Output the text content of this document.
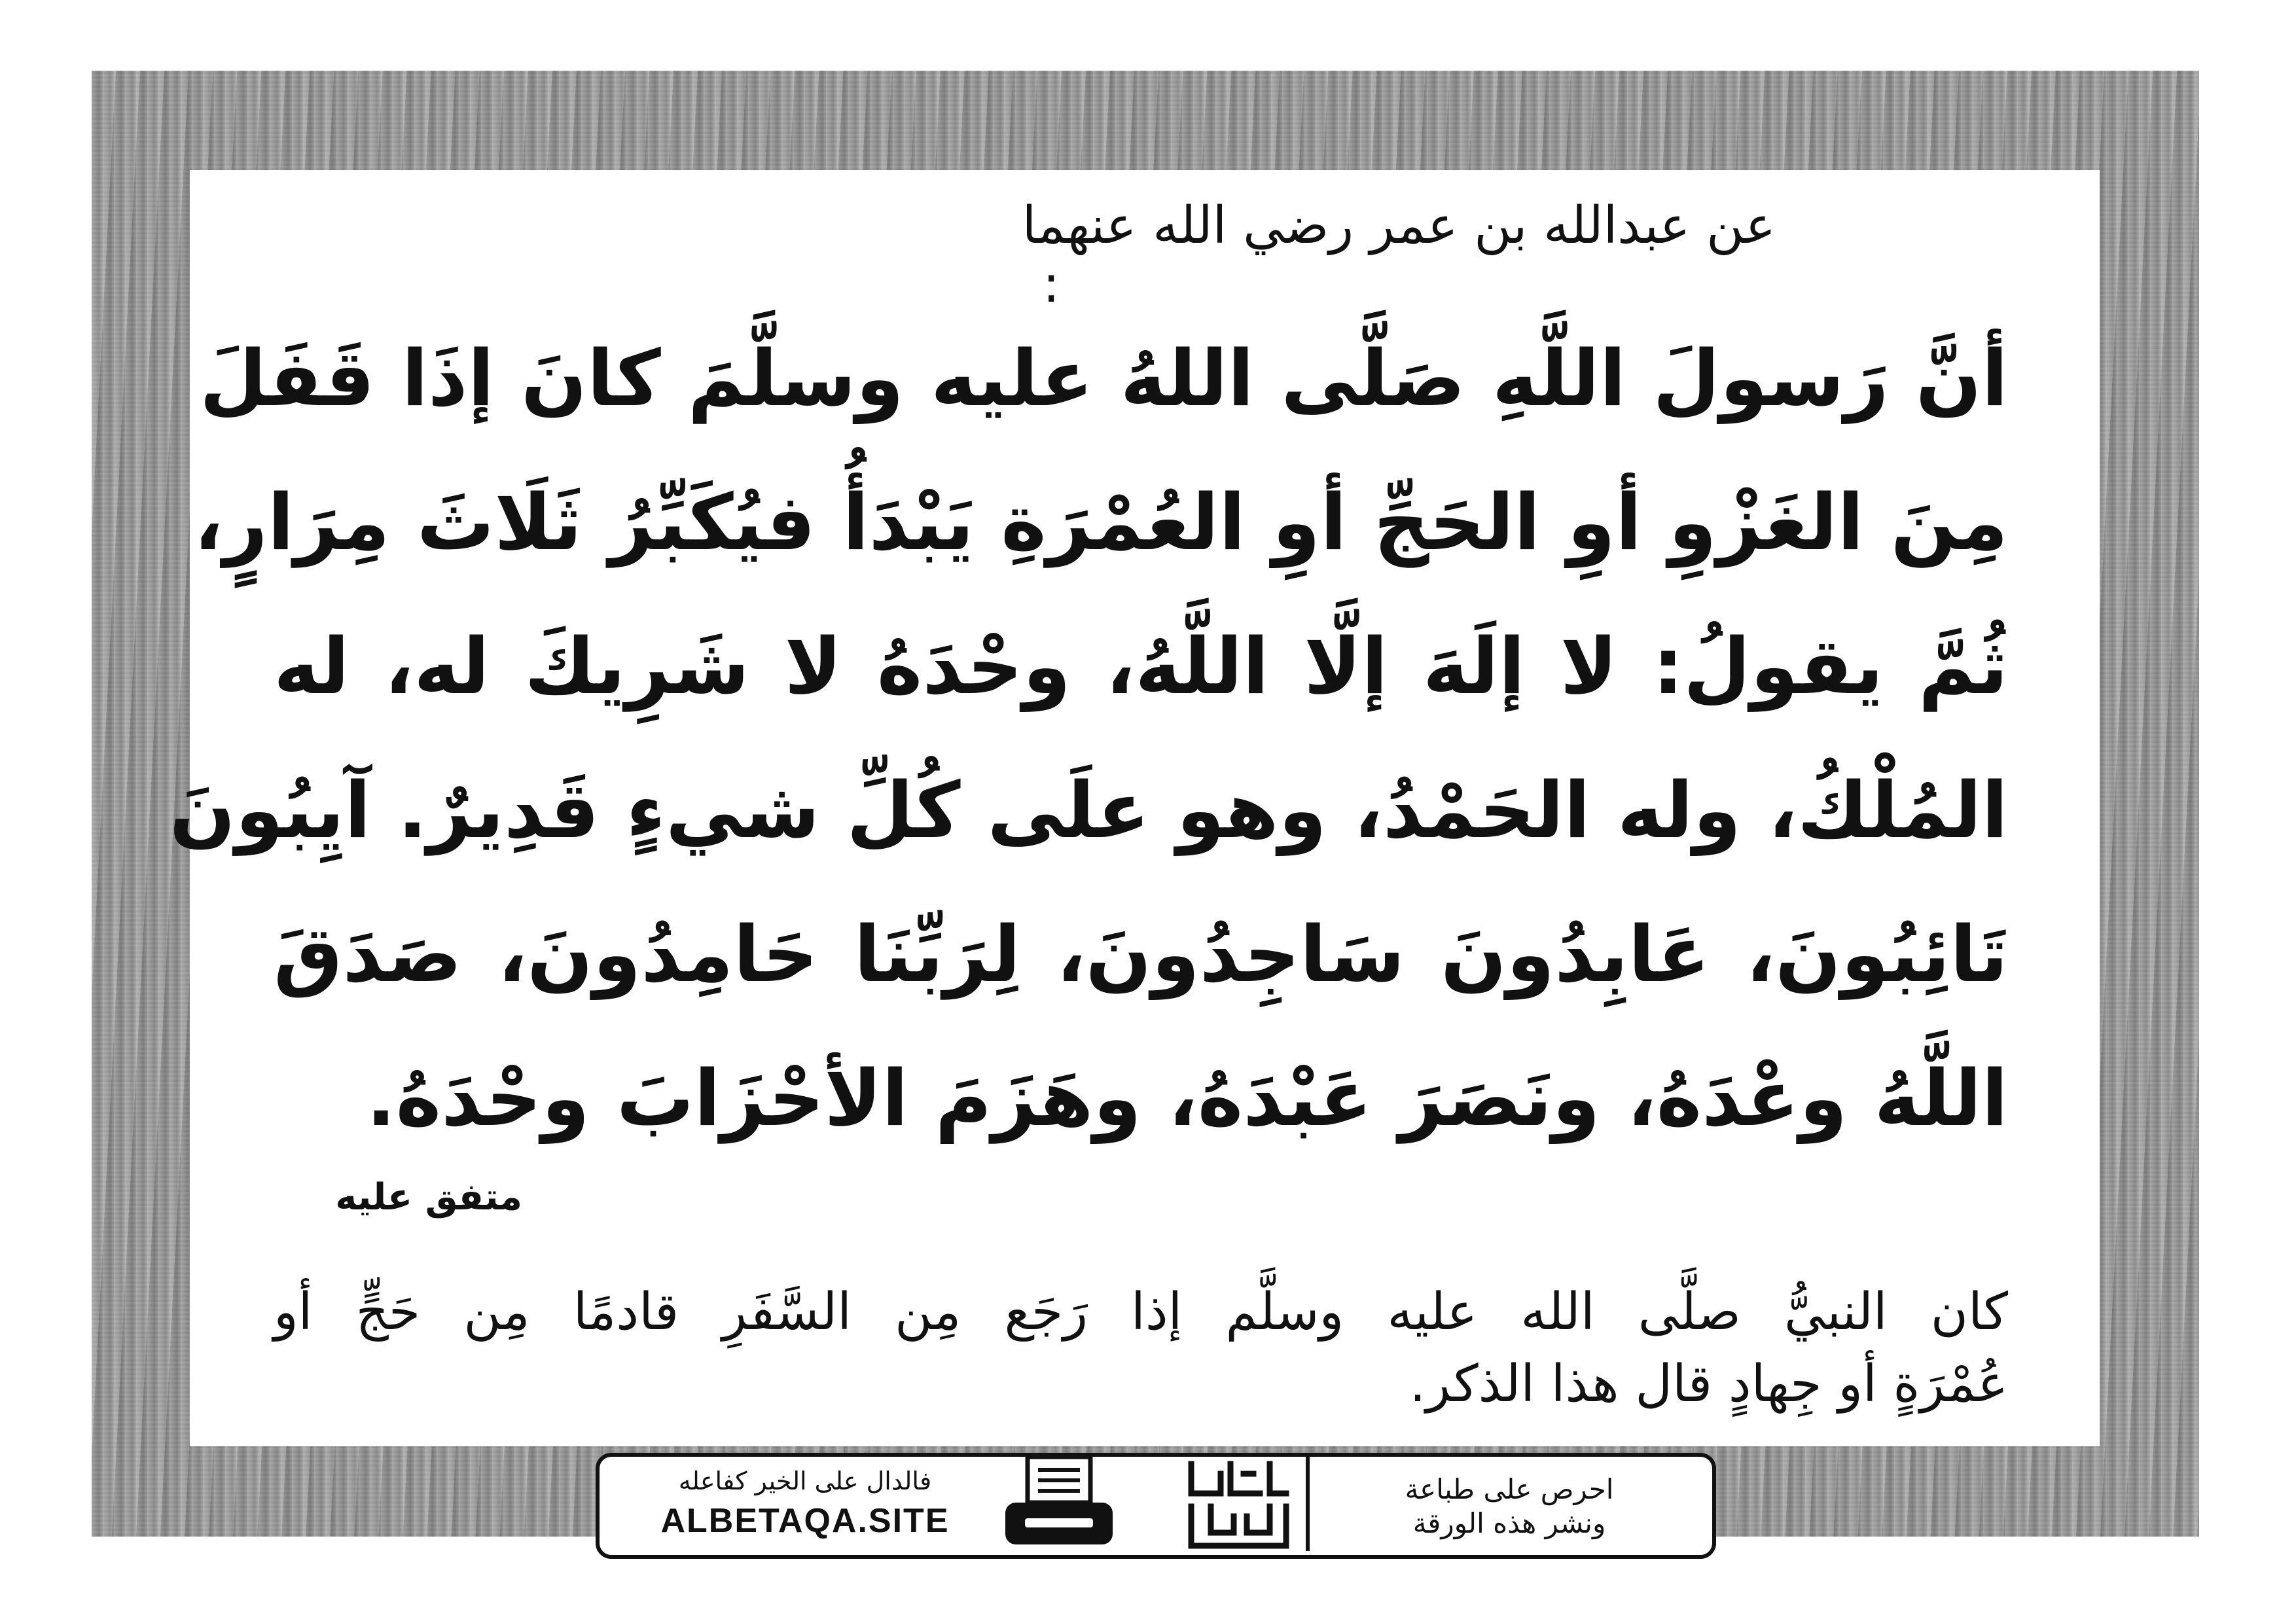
عن عبدالله بن عمر رضي الله عنهما
:
أنَّ رَسولَ اللَّهِ صَلَّى اللهُ عليه وسلَّمَ كانَ إذَا قَفَلَ
مِنَ الغَزْوِ أوِ الحَجِّ أوِ العُمْرَةِ يَبْدَأُ فيُكَبِّرُ ثَلَاثَ مِرَارٍ،
ثُمَّ يقولُ: لا إلَهَ إلَّا اللَّهُ، وحْدَهُ لا شَرِيكَ له، له
المُلْكُ، وله الحَمْدُ، وهو علَى كُلِّ شيءٍ قَدِيرٌ. آيِبُونَ
تَائِبُونَ، عَابِدُونَ سَاجِدُونَ، لِرَبِّنَا حَامِدُونَ، صَدَقَ
اللَّهُ وعْدَهُ، ونَصَرَ عَبْدَهُ، وهَزَمَ الأحْزَابَ وحْدَهُ.
متفق عليه
كان النبيُّ صلَّى الله عليه وسلَّم إذا رَجَع مِن السَّفَرِ قادمًا مِن حَجٍّ أو
عُمْرَةٍ أو جِهادٍ قال هذا الذكر.
احرص على طباعة
ونشر هذه الورقة
فالدال على الخير كفاعله
ALBETAQA.SITE
